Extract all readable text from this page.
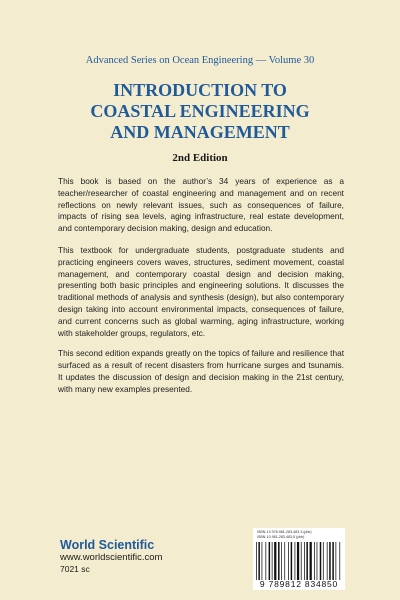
Advanced Series on Ocean Engineering — Volume 30
INTRODUCTION TO
COASTAL ENGINEERING
AND MANAGEMENT
2nd Edition

This book is based on the author’s 34 years of experience as a teacher/researcher of coastal engineering and management and on recent reflections on newly relevant issues, such as consequences of failure, impacts of rising sea levels, aging infrastructure, real estate development, and contemporary decision making, design and education.

This textbook for undergraduate students, postgraduate students and practicing engineers covers waves, structures, sediment movement, coastal management, and contemporary coastal design and decision making, presenting both basic principles and engineering solutions. It discusses the traditional methods of analysis and synthesis (design), but also contemporary design taking into account environmental impacts, consequences of failure, and current concerns such as global warming, aging infrastructure, working with stakeholder groups, regulators, etc.

This second edition expands greatly on the topics of failure and resilience that surfaced as a result of recent disasters from hurricane surges and tsunamis. It updates the discussion of design and decision making in the 21st century, with many new examples presented.

World Scientific
www.worldscientific.com
7021 sc
ISBN-13 978-981-283-483-3 (pbk)
ISBN-10 981-283-483-5 (pbk)
9 789812 834850
